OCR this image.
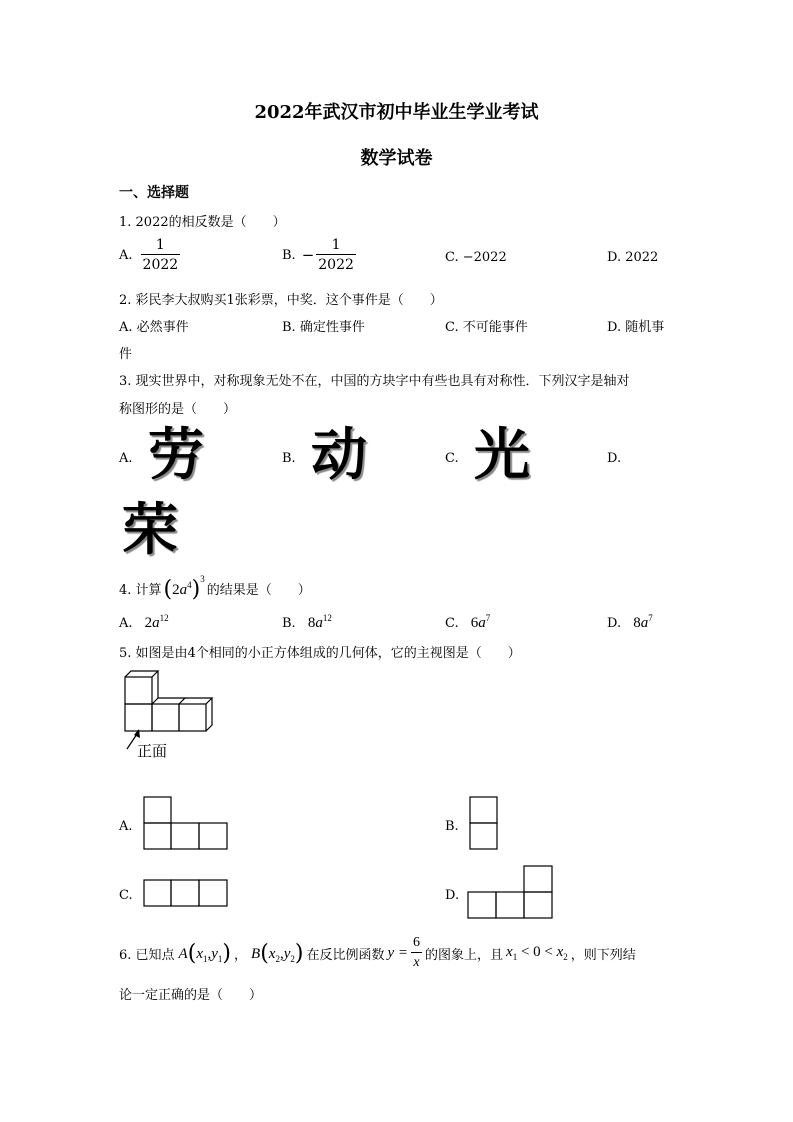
2022年武汉市初中毕业生学业考试
数学试卷
一、选择题
1. 2022的相反数是（　　）
A. $\frac{1}{2022}$	B. − $\frac{1}{2022}$	C. −2022	D. 2022
2. 彩民李大叔购买1张彩票，中奖．这个事件是（　　）
A. 必然事件	B. 确定性事件	C. 不可能事件	D. 随机事
件
3. 现实世界中，对称现象无处不在，中国的方块字中有些也具有对称性．下列汉字是轴对
称图形的是（　　）
A. 劳	B. 动	C. 光	D.
荣
4. 计算 $(2a^4)^3$
的结果是（　　）
A. $2a^{12}$	B. $8a^{12}$	C. $6a^7$	D. $8a^7$
5. 如图是由4个相同的小正方体组成的几何体，它的主视图是（　　）
正面
A.	B.
C.	D.
6. 已知点 $A(x_1,y_1)$ ， $B(x_2,y_2)$ 在反比例函数 $y = \frac{6}{x}$ 的图象上，且 $x_1 < 0 < x_2$ ，则下列结
论一定正确的是（　　）
